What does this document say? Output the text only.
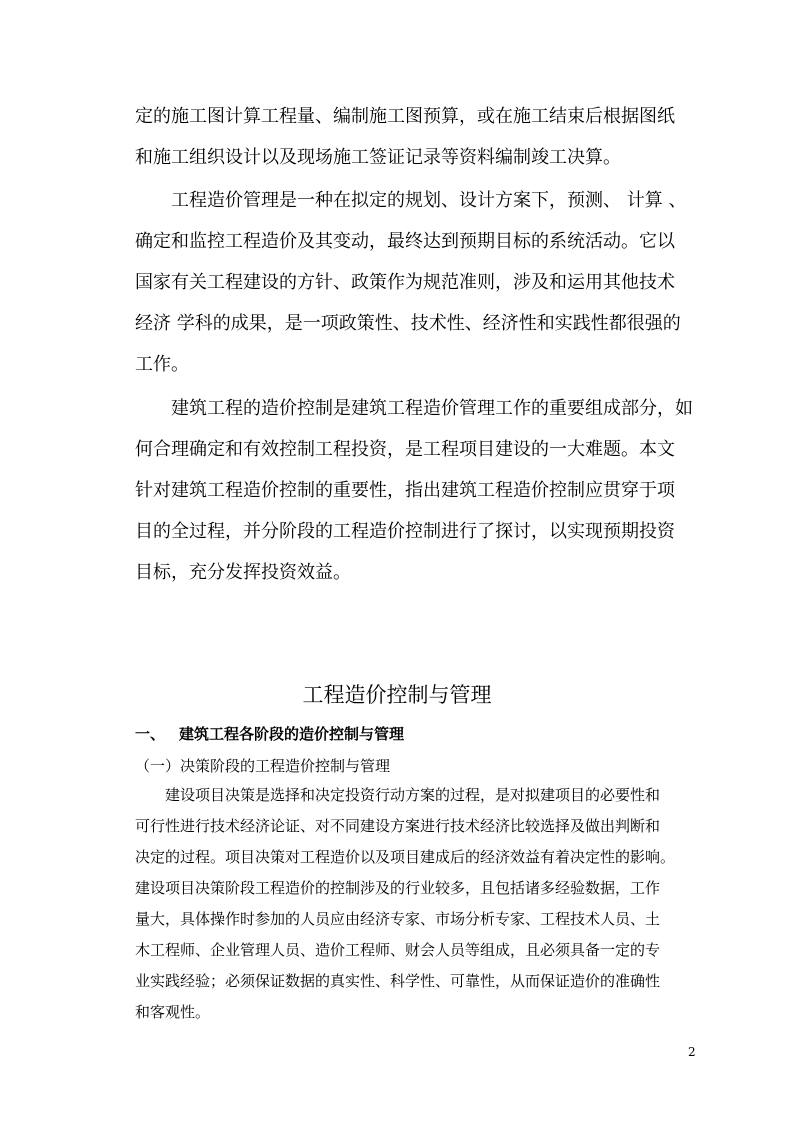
定的施工图计算工程量、编制施工图预算，或在施工结束后根据图纸
和施工组织设计以及现场施工签证记录等资料编制竣工决算。
工程造价管理是一种在拟定的规划、设计方案下，预测、 计算 、
确定和监控工程造价及其变动，最终达到预期目标的系统活动。它以
国家有关工程建设的方针、政策作为规范准则，涉及和运用其他技术
经济 学科的成果，是一项政策性、技术性、经济性和实践性都很强的
工作。
建筑工程的造价控制是建筑工程造价管理工作的重要组成部分，如
何合理确定和有效控制工程投资，是工程项目建设的一大难题。本文
针对建筑工程造价控制的重要性，指出建筑工程造价控制应贯穿于项
目的全过程，并分阶段的工程造价控制进行了探讨，以实现预期投资
目标，充分发挥投资效益。
工程造价控制与管理
一、 建筑工程各阶段的造价控制与管理
（一）决策阶段的工程造价控制与管理
建设项目决策是选择和决定投资行动方案的过程，是对拟建项目的必要性和
可行性进行技术经济论证、对不同建设方案进行技术经济比较选择及做出判断和
决定的过程。项目决策对工程造价以及项目建成后的经济效益有着决定性的影响。
建设项目决策阶段工程造价的控制涉及的行业较多，且包括诸多经验数据，工作
量大，具体操作时参加的人员应由经济专家、市场分析专家、工程技术人员、土
木工程师、企业管理人员、造价工程师、财会人员等组成，且必须具备一定的专
业实践经验；必须保证数据的真实性、科学性、可靠性，从而保证造价的准确性
和客观性。
2
